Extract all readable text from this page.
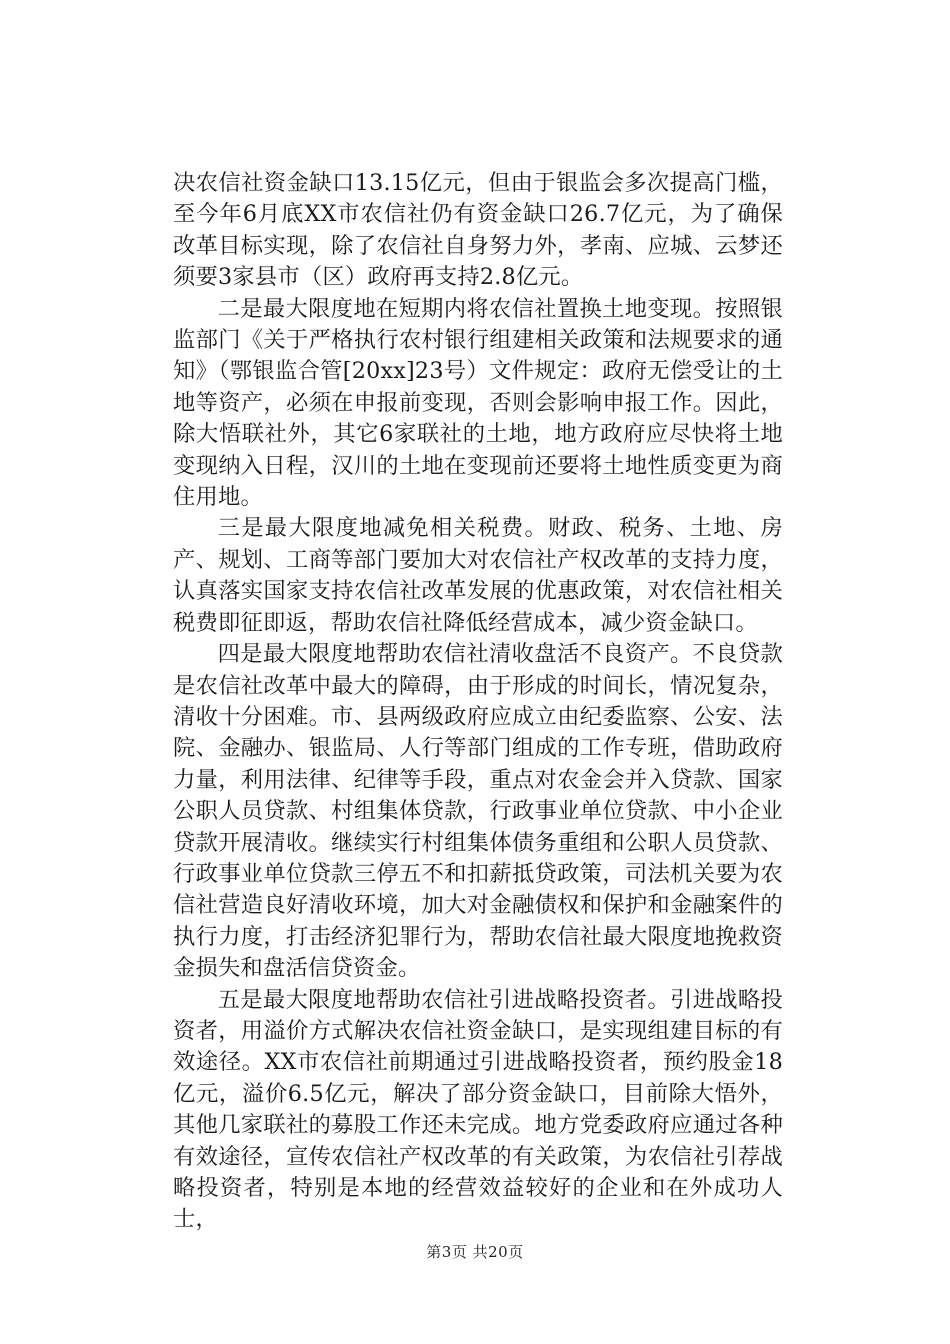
决农信社资金缺口13.15亿元，但由于银监会多次提高门槛，至今年6月底XX市农信社仍有资金缺口26.7亿元，为了确保改革目标实现，除了农信社自身努力外，孝南、应城、云梦还须要3家县市（区）政府再支持2.8亿元。

二是最大限度地在短期内将农信社置换土地变现。按照银监部门《关于严格执行农村银行组建相关政策和法规要求的通知》（鄂银监合管[20xx]23号）文件规定：政府无偿受让的土地等资产，必须在申报前变现，否则会影响申报工作。因此，除大悟联社外，其它6家联社的土地，地方政府应尽快将土地变现纳入日程，汉川的土地在变现前还要将土地性质变更为商住用地。

三是最大限度地减免相关税费。财政、税务、土地、房产、规划、工商等部门要加大对农信社产权改革的支持力度，认真落实国家支持农信社改革发展的优惠政策，对农信社相关税费即征即返，帮助农信社降低经营成本，减少资金缺口。

四是最大限度地帮助农信社清收盘活不良资产。不良贷款是农信社改革中最大的障碍，由于形成的时间长，情况复杂，清收十分困难。市、县两级政府应成立由纪委监察、公安、法院、金融办、银监局、人行等部门组成的工作专班，借助政府力量，利用法律、纪律等手段，重点对农金会并入贷款、国家公职人员贷款、村组集体贷款，行政事业单位贷款、中小企业贷款开展清收。继续实行村组集体债务重组和公职人员贷款、行政事业单位贷款三停五不和扣薪抵贷政策，司法机关要为农信社营造良好清收环境，加大对金融债权和保护和金融案件的执行力度，打击经济犯罪行为，帮助农信社最大限度地挽救资金损失和盘活信贷资金。

五是最大限度地帮助农信社引进战略投资者。引进战略投资者，用溢价方式解决农信社资金缺口，是实现组建目标的有效途径。XX市农信社前期通过引进战略投资者，预约股金18亿元，溢价6.5亿元，解决了部分资金缺口，目前除大悟外，其他几家联社的募股工作还未完成。地方党委政府应通过各种有效途径，宣传农信社产权改革的有关政策，为农信社引荐战略投资者，特别是本地的经营效益较好的企业和在外成功人士，

第3页 共20页
